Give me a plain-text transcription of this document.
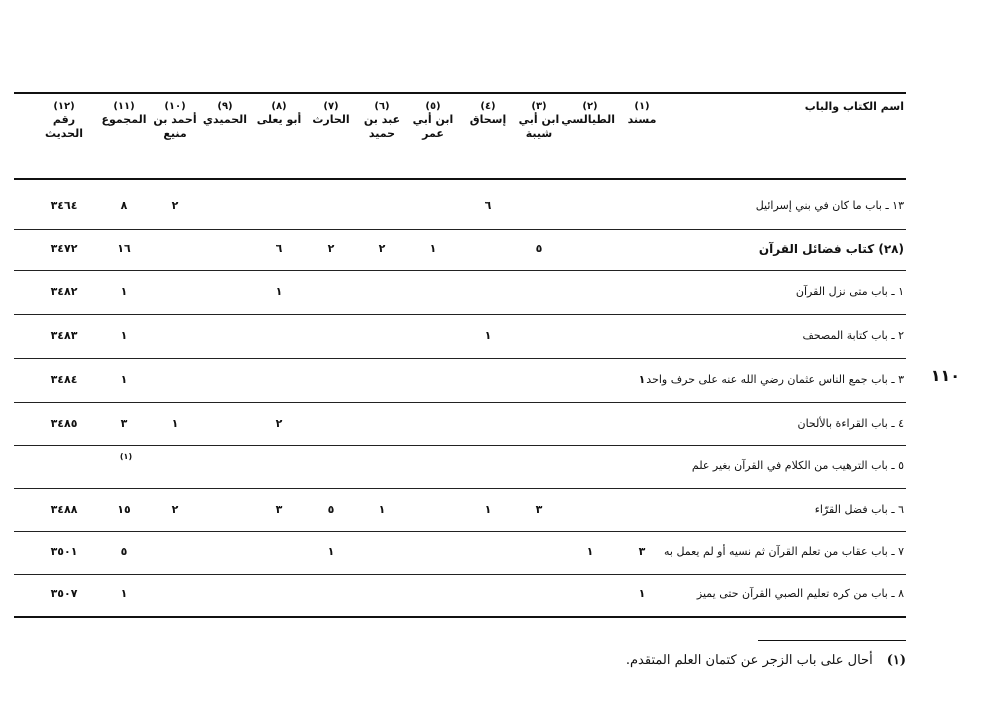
اسم الكتاب والباب
(١)
مسند
(٢)
الطيالسي
(٣)
ابن أبي شيبة
(٤)
إسحاق
(٥)
ابن أبي عمر
(٦)
عبد بن حميد
(٧)
الحارث
(٨)
أبو يعلى
(٩)
الحميدي
(١٠)
أحمد بن منيع
(١١)
المجموع
(١٢)
رقم الحديث
١٣ ـ باب ما كان في بني إسرائيل
٦
٢
٨
٣٤٦٤
(٢٨) كتاب فضائل القرآن
٥
١
٢
٢
٦
١٦
٣٤٧٢
١ ـ باب متى نزل القرآن
١
١
٣٤٨٢
٢ ـ باب كتابة المصحف
١
١
٣٤٨٣
٣ ـ باب جمع الناس عثمان رضي الله عنه على حرف واحد
١
١
٣٤٨٤
٤ ـ باب القراءة بالألحان
٢
١
٣
٣٤٨٥
٥ ـ باب الترهيب من الكلام في القرآن بغير علم
٦ ـ باب فضل القرّاء
٣
١
١
٥
٣
٢
١٥
٣٤٨٨
٧ ـ باب عقاب من تعلم القرآن ثم نسيه أو لم يعمل به
٣
١
١
٥
٣٥٠١
٨ ـ باب من كره تعليم الصبي القرآن حتى يميز
١
١
٣٥٠٧
(١)
١١٠
(١)أحال على باب الزجر عن كتمان العلم المتقدم.
